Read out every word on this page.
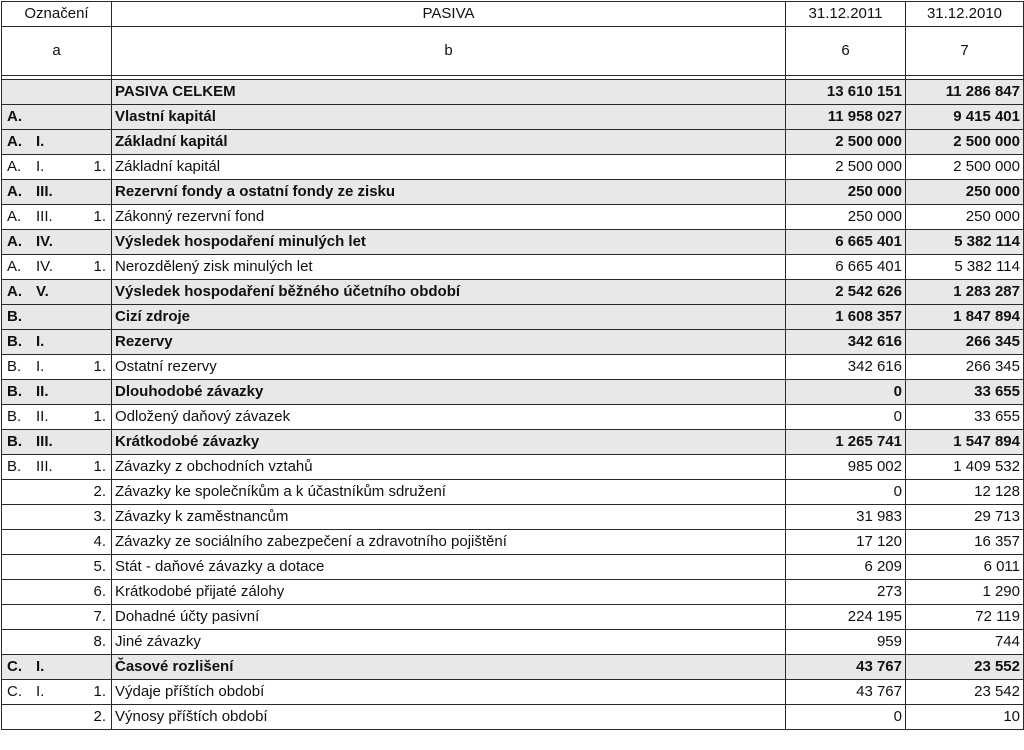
Označení	PASIVA	31.12.2011	31.12.2010
a	b	6	7

	PASIVA CELKEM	13 610 151	11 286 847

A.	Vlastní kapitál	11 958 027	9 415 401

A. I.	Základní kapitál	2 500 000	2 500 000

A. I. 1.	Základní kapitál	2 500 000	2 500 000

A. III.	Rezervní fondy a ostatní fondy ze zisku	250 000	250 000

A. III. 1.	Zákonný rezervní fond	250 000	250 000

A. IV.	Výsledek hospodaření minulých let	6 665 401	5 382 114

A. IV. 1.	Nerozdělený zisk minulých let	6 665 401	5 382 114

A. V.	Výsledek hospodaření běžného účetního období	2 542 626	1 283 287

B.	Cizí zdroje	1 608 357	1 847 894

B. I.	Rezervy	342 616	266 345

B. I. 1.	Ostatní rezervy	342 616	266 345

B. II.	Dlouhodobé závazky	0	33 655

B. II. 1.	Odložený daňový závazek	0	33 655

B. III.	Krátkodobé závazky	1 265 741	1 547 894

B. III. 1.	Závazky z obchodních vztahů	985 002	1 409 532

2.	Závazky ke společníkům a k účastníkům sdružení	0	12 128

3.	Závazky k zaměstnancům	31 983	29 713

4.	Závazky ze sociálního zabezpečení a zdravotního pojištění	17 120	16 357

5.	Stát - daňové závazky a dotace	6 209	6 011

6.	Krátkodobé přijaté zálohy	273	1 290

7.	Dohadné účty pasivní	224 195	72 119

8.	Jiné závazky	959	744

C. I.	Časové rozlišení	43 767	23 552

C. I. 1.	Výdaje příštích období	43 767	23 542

2.	Výnosy příštích období	0	10
